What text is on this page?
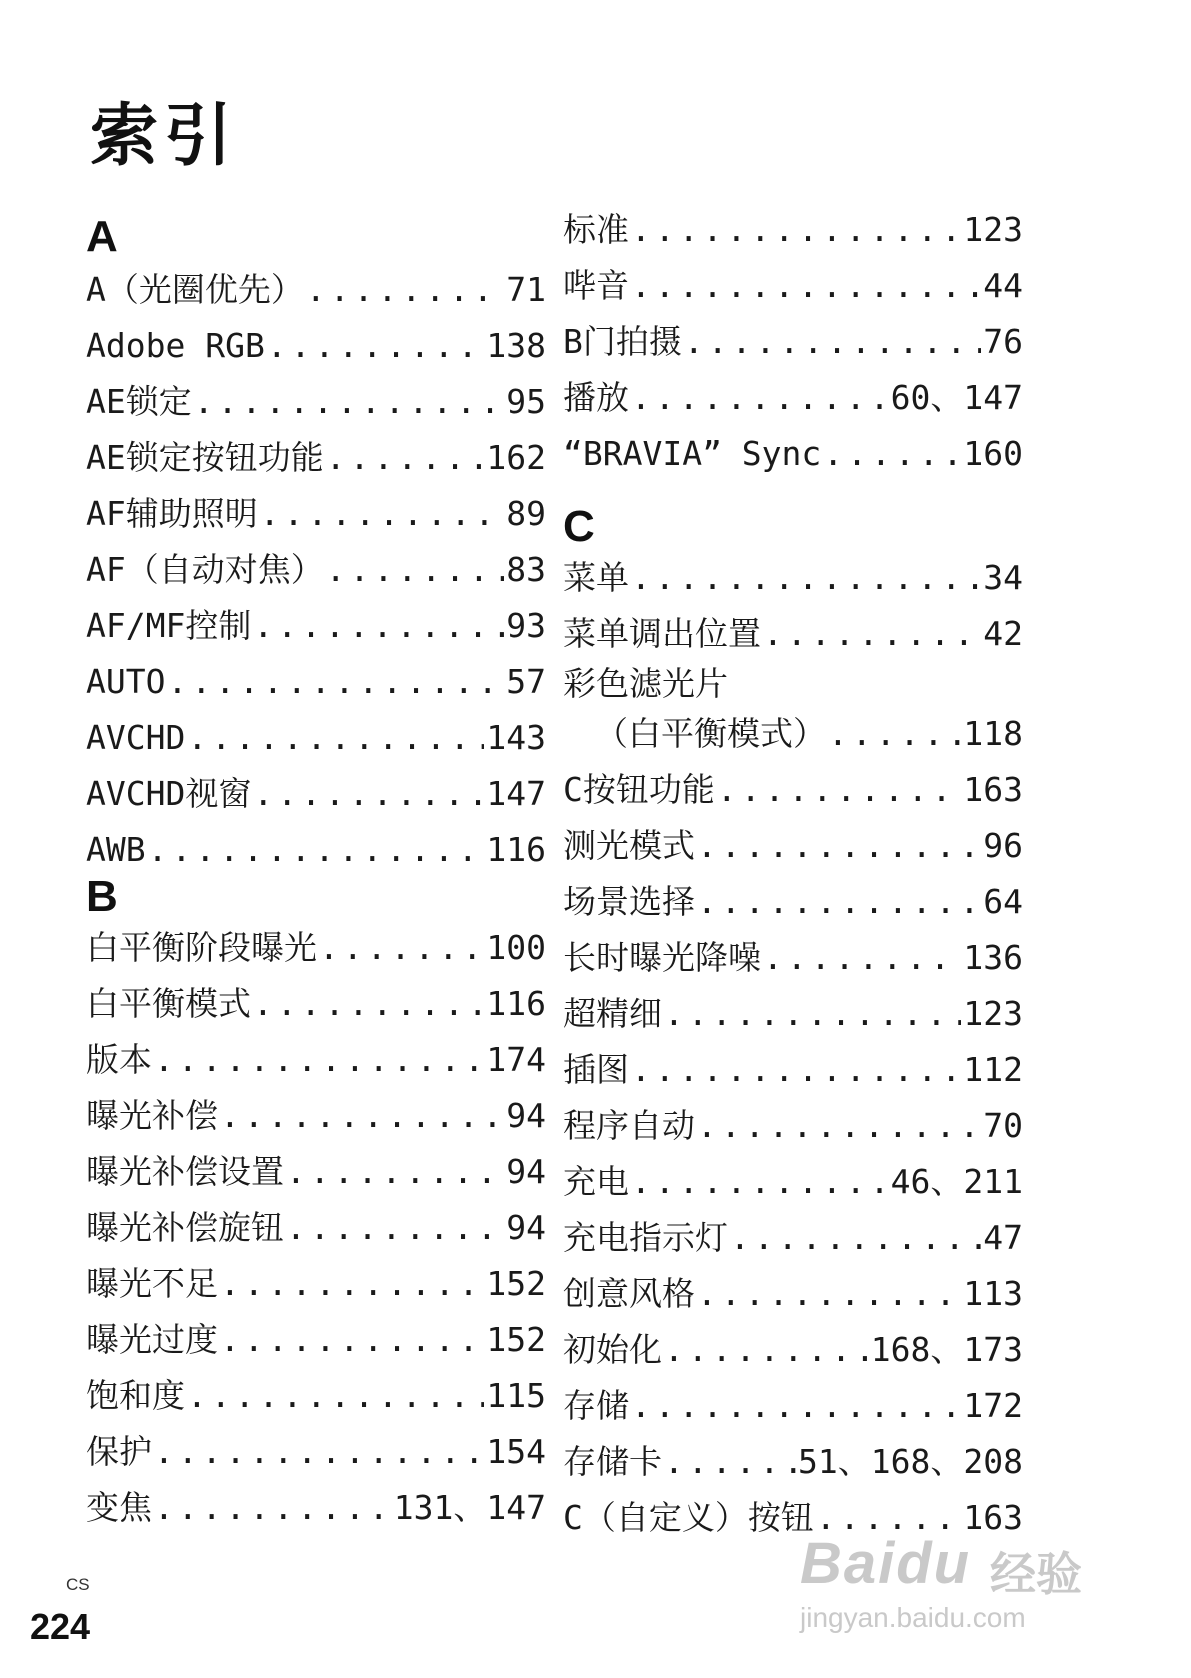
索引
A
A（光圈优先） .....	71
Adobe RGB .....	138
AE锁定 .....	95
AE锁定按钮功能 .....	162
AF辅助照明 .....	89
AF（自动对焦） .....	83
AF/MF控制 .....	93
AUTO .....	57
AVCHD .....	143
AVCHD视窗 .....	147
AWB .....	116
B
白平衡阶段曝光 .....	100
白平衡模式 .....	116
版本 .....	174
曝光补偿 .....	94
曝光补偿设置 .....	94
曝光补偿旋钮 .....	94
曝光不足 .....	152
曝光过度 .....	152
饱和度 .....	115
保护 .....	154
变焦 .....	131、147
标准 .....	123
哔音 .....	44
B门拍摄 .....	76
播放 .....	60、147
“BRAVIA” Sync .....	160
C
菜单 .....	34
菜单调出位置 .....	42
彩色滤光片
（白平衡模式） .....	118
C按钮功能 .....	163
测光模式 .....	96
场景选择 .....	64
长时曝光降噪 .....	136
超精细 .....	123
插图 .....	112
程序自动 .....	70
充电 .....	46、211
充电指示灯 .....	47
创意风格 .....	113
初始化 .....	168、173
存储 .....	172
存储卡 .....	51、168、208
C（自定义）按钮 .....	163
CS
224
Baidu 经验
jingyan.baidu.com
